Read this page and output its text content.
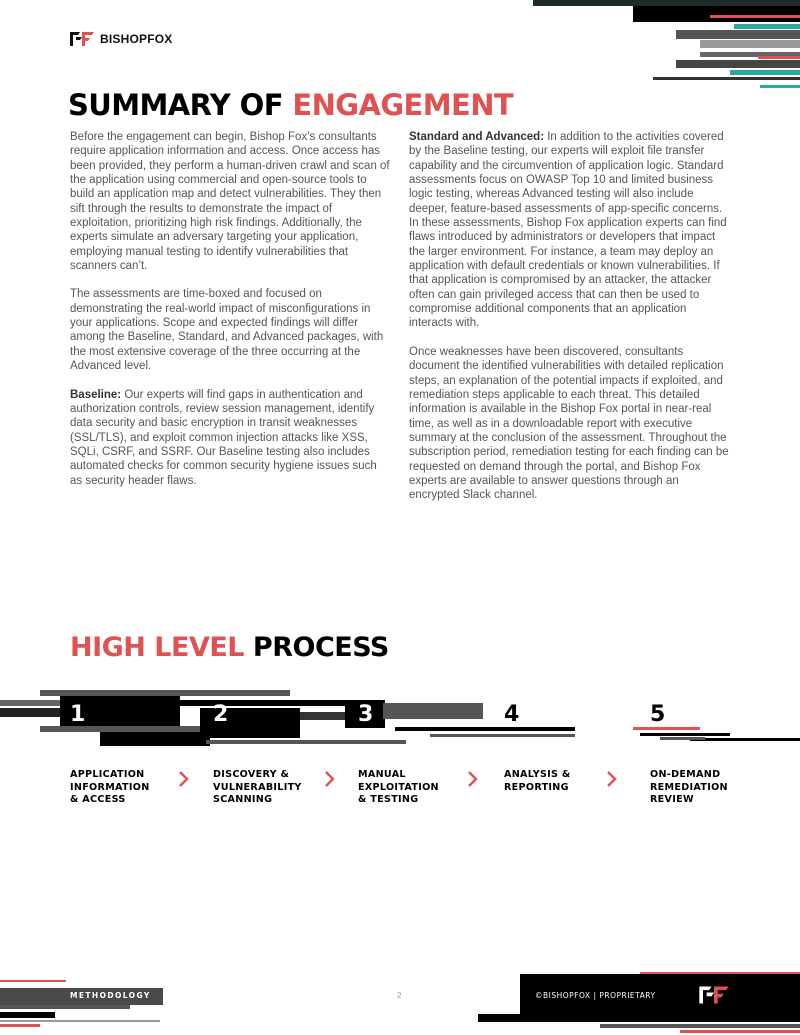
BISHOPFOX
SUMMARY OF ENGAGEMENT

Before the engagement can begin, Bishop Fox’s consultants require application information and access. Once access has been provided, they perform a human-driven crawl and scan of the application using commercial and open-source tools to build an application map and detect vulnerabilities. They then sift through the results to demonstrate the impact of exploitation, prioritizing high risk findings. Additionally, the experts simulate an adversary targeting your application, employing manual testing to identify vulnerabilities that scanners can’t.

The assessments are time-boxed and focused on demonstrating the real-world impact of misconfigurations in your applications. Scope and expected findings will differ among the Baseline, Standard, and Advanced packages, with the most extensive coverage of the three occurring at the Advanced level.

Baseline: Our experts will find gaps in authentication and authorization controls, review session management, identify data security and basic encryption in transit weaknesses (SSL/TLS), and exploit common injection attacks like XSS, SQLi, CSRF, and SSRF. Our Baseline testing also includes automated checks for common security hygiene issues such as security header flaws.

Standard and Advanced: In addition to the activities covered by the Baseline testing, our experts will exploit file transfer capability and the circumvention of application logic. Standard assessments focus on OWASP Top 10 and limited business logic testing, whereas Advanced testing will also include deeper, feature-based assessments of app-specific concerns. In these assessments, Bishop Fox application experts can find flaws introduced by administrators or developers that impact the larger environment. For instance, a team may deploy an application with default credentials or known vulnerabilities. If that application is compromised by an attacker, the attacker often can gain privileged access that can then be used to compromise additional components that an application interacts with.

Once weaknesses have been discovered, consultants document the identified vulnerabilities with detailed replication steps, an explanation of the potential impacts if exploited, and remediation steps applicable to each threat. This detailed information is available in the Bishop Fox portal in near-real time, as well as in a downloadable report with executive summary at the conclusion of the assessment. Throughout the subscription period, remediation testing for each finding can be requested on demand through the portal, and Bishop Fox experts are available to answer questions through an encrypted Slack channel.

HIGH LEVEL PROCESS
1	2	3	4	5
APPLICATION
INFORMATION
& ACCESS
DISCOVERY &
VULNERABILITY
SCANNING
MANUAL
EXPLOITATION
& TESTING
ANALYSIS &
REPORTING
ON-DEMAND
REMEDIATION
REVIEW
METHODOLOGY	2	©BISHOPFOX | PROPRIETARY
